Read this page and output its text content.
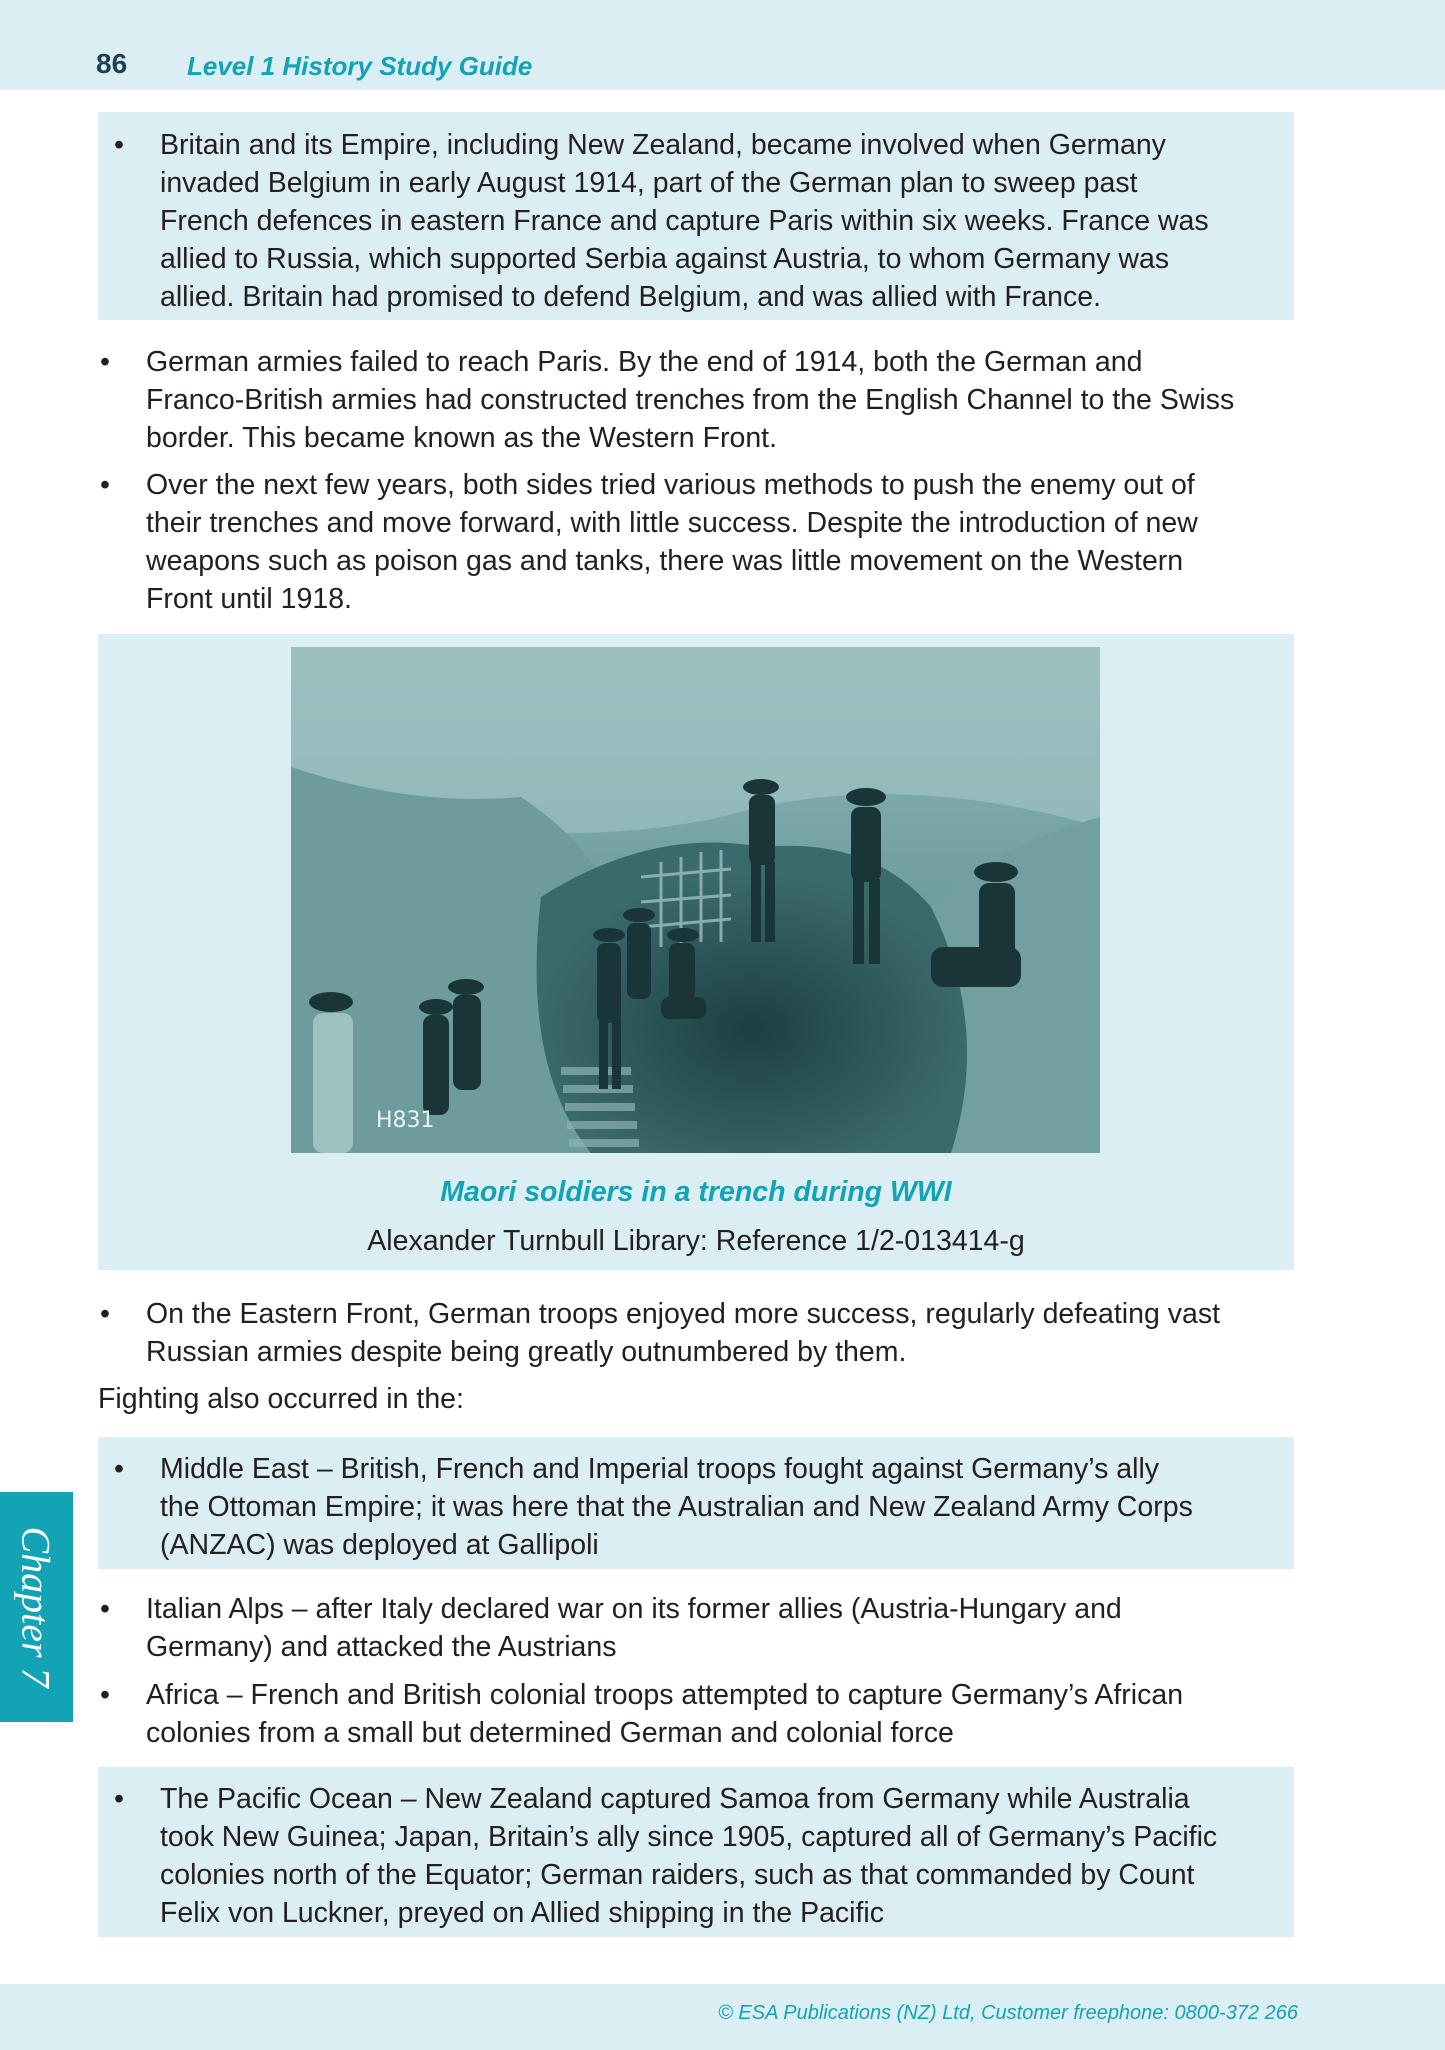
86 Level 1 History Study Guide
• Britain and its Empire, including New Zealand, became involved when Germany
invaded Belgium in early August 1914, part of the German plan to sweep past
French defences in eastern France and capture Paris within six weeks. France was
allied to Russia, which supported Serbia against Austria, to whom Germany was
allied. Britain had promised to defend Belgium, and was allied with France.
• German armies failed to reach Paris. By the end of 1914, both the German and
Franco-British armies had constructed trenches from the English Channel to the Swiss
border. This became known as the Western Front.
• Over the next few years, both sides tried various methods to push the enemy out of
their trenches and move forward, with little success. Despite the introduction of new
weapons such as poison gas and tanks, there was little movement on the Western
Front until 1918.
H831
Maori soldiers in a trench during WWI
Alexander Turnbull Library: Reference 1/2-013414-g
• On the Eastern Front, German troops enjoyed more success, regularly defeating vast
Russian armies despite being greatly outnumbered by them.
Fighting also occurred in the:
• Middle East – British, French and Imperial troops fought against Germany’s ally
the Ottoman Empire; it was here that the Australian and New Zealand Army Corps
(ANZAC) was deployed at Gallipoli
• Italian Alps – after Italy declared war on its former allies (Austria-Hungary and
Germany) and attacked the Austrians
• Africa – French and British colonial troops attempted to capture Germany’s African
colonies from a small but determined German and colonial force
• The Pacific Ocean – New Zealand captured Samoa from Germany while Australia
took New Guinea; Japan, Britain’s ally since 1905, captured all of Germany’s Pacific
colonies north of the Equator; German raiders, such as that commanded by Count
Felix von Luckner, preyed on Allied shipping in the Pacific
Chapter 7
© ESA Publications (NZ) Ltd, Customer freephone: 0800-372 266
